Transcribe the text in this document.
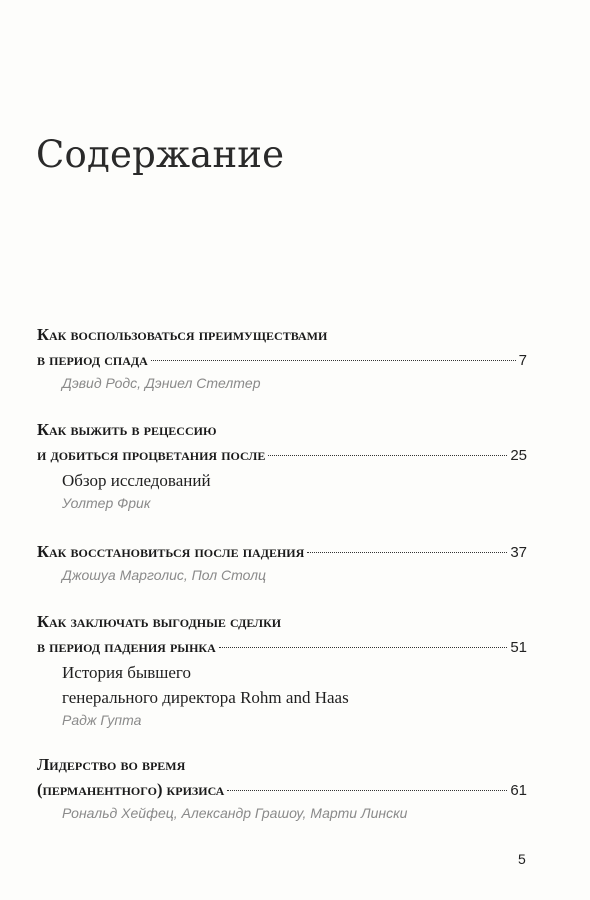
Содержание
Как воспользоваться преимуществами
в период спада	7
Дэвид Родс, Дэниел Стелтер
Как выжить в рецессию
и добиться процветания после	25
Обзор исследований
Уолтер Фрик
Как восстановиться после падения	37
Джошуа Марголис, Пол Столц
Как заключать выгодные сделки
в период падения рынка	51
История бывшего
генерального директора Rohm and Haas
Радж Гупта
Лидерство во время
(перманентного) кризиса	61
Рональд Хейфец, Александр Грашоу, Марти Лински
5
